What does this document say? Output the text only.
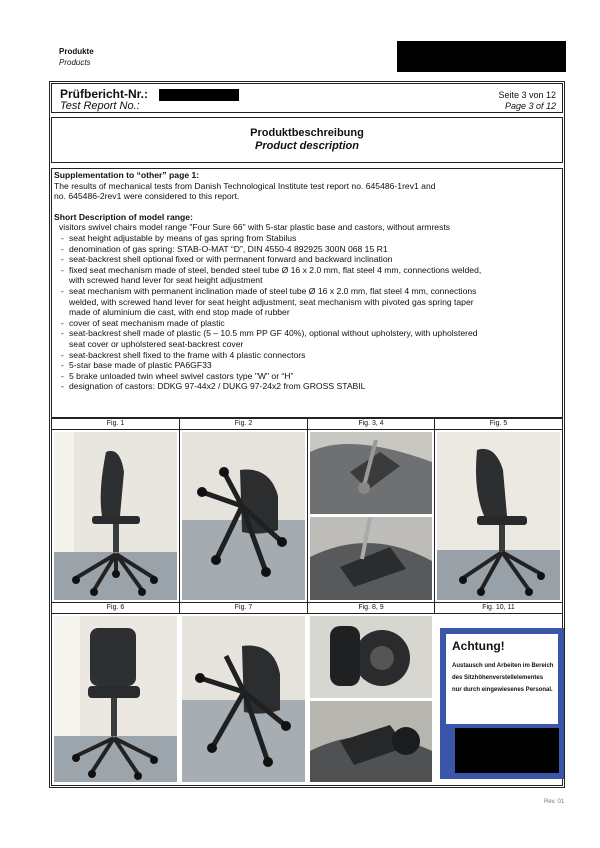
Produkte
Products
Prüfbericht-Nr.:
Test Report No.:
Seite 3 von 12
Page 3 of 12
Produktbeschreibung
Product description

Supplementation to “other” page 1:

The results of mechanical tests from Danish Technological Institute test report no. 645486-1rev1 and

no. 645486-2rev1 were considered to this report.

Short Description of model range:

visitors swivel chairs model range "Four Sure 66" with 5-star plastic base and castors, without armrests

- seat height adjustable by means of gas spring from Stabilus
- denomination of gas spring: STAB-O-MAT “D”, DIN 4550-4 892925 300N 068 15 R1
- seat-backrest shell optional fixed or with permanent forward and backward inclination
- fixed seat mechanism made of steel, bended steel tube Ø 16 x 2.0 mm, flat steel 4 mm, connections welded,
with screwed hand lever for seat height adjustment
- seat mechanism with permanent inclination made of steel tube Ø 16 x 2.0 mm, flat steel 4 mm, connections
welded, with screwed hand lever for seat height adjustment, seat mechanism with pivoted gas spring taper
made of aluminium die cast, with end stop made of rubber
- cover of seat mechanism made of plastic
- seat-backrest shell made of plastic (5 – 10.5 mm PP GF 40%), optional without upholstery, with upholstered
seat cover or upholstered seat-backrest cover
- seat-backrest shell fixed to the frame with 4 plastic connectors
- 5-star base made of plastic PA6GF33
- 5 brake unloaded twin wheel swivel castors type "W" or “H”
- designation of castors: DDKG 97-44x2 / DUKG 97-24x2 from GROSS STABIL
Fig. 1	Fig. 2	Fig. 3, 4	Fig. 5
Fig. 6	Fig. 7	Fig. 8, 9	Fig. 10, 11
Achtung!
Austausch und Arbeiten im Bereich
des Sitzhöhenverstellelementes
nur durch eingewiesenes Personal.
Rev. 01
